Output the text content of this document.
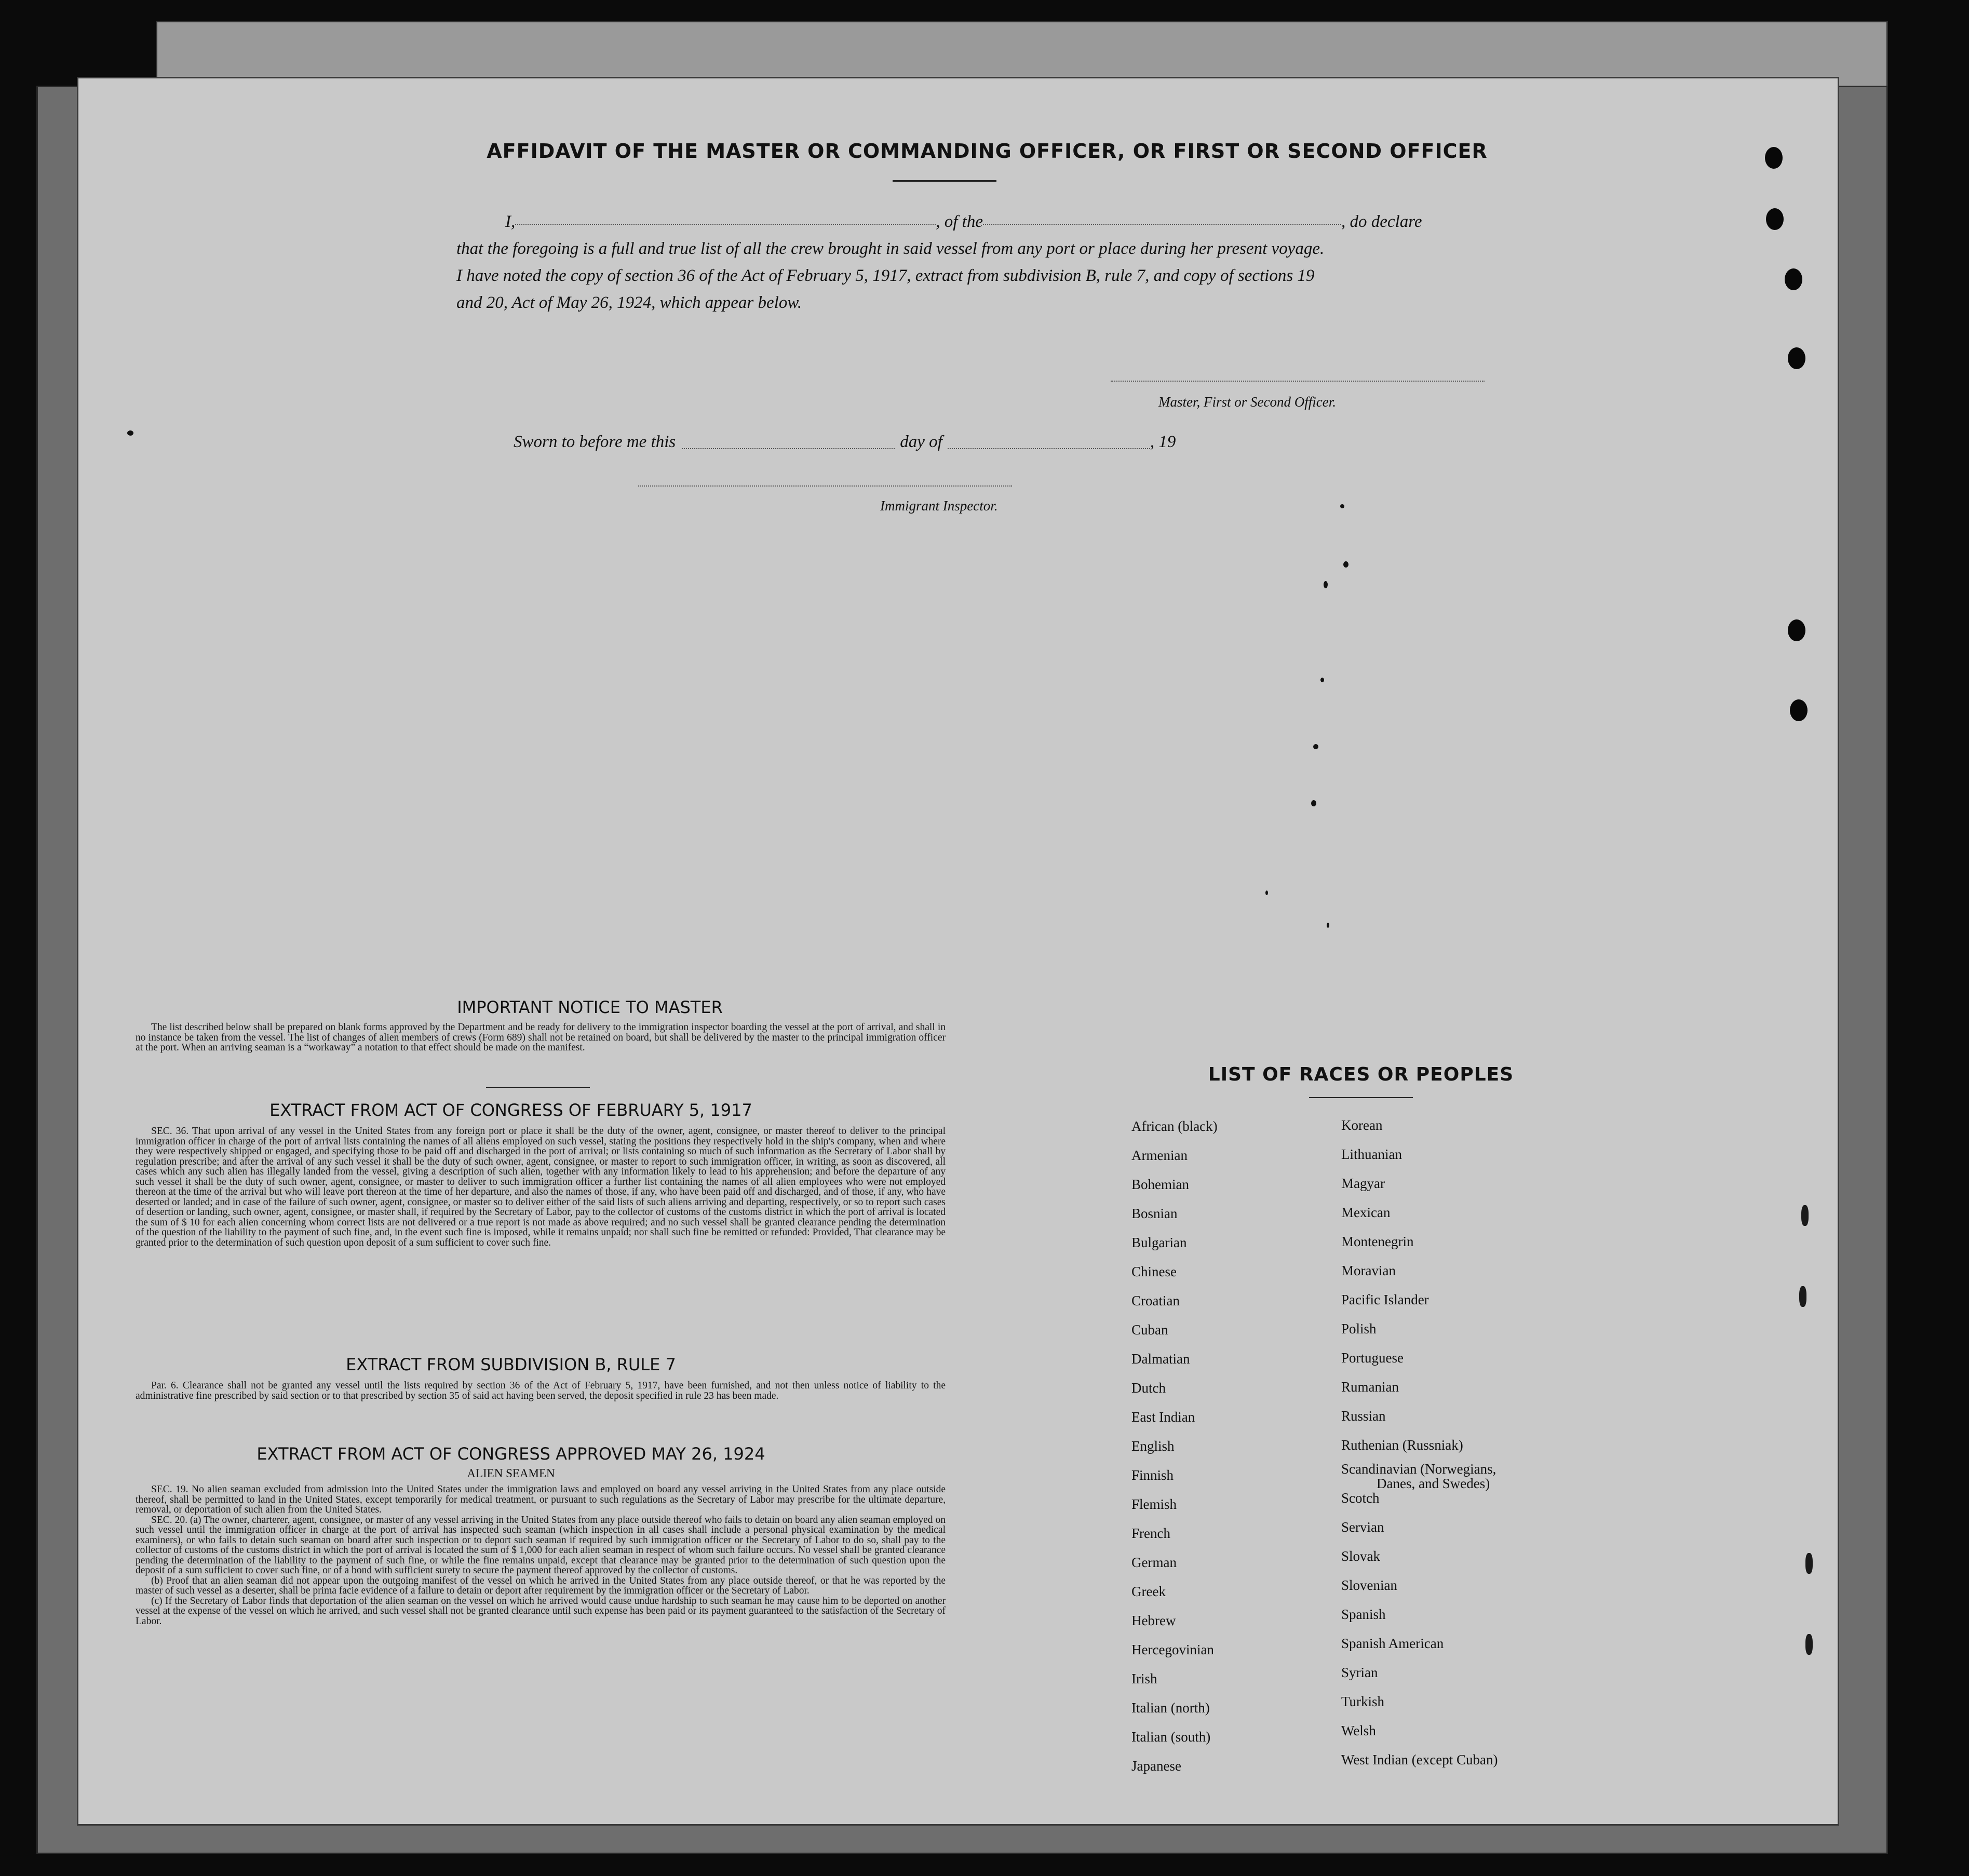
AFFIDAVIT OF THE MASTER OR COMMANDING OFFICER, OR FIRST OR SECOND OFFICER
I,	, of the	, do declare
that the foregoing is a full and true list of all the crew brought in said vessel from any port or place during her present voyage.
I have noted the copy of section 36 of the Act of February 5, 1917, extract from subdivision B, rule 7, and copy of sections 19
and 20, Act of May 26, 1924, which appear below.
Master, First or Second Officer.
Sworn to before me this	day of	, 19
Immigrant Inspector.
IMPORTANT NOTICE TO MASTER

The list described below shall be prepared on blank forms approved by the Department and be ready for delivery to the immigration inspector boarding the vessel at the port of arrival, and shall in no instance be taken from the vessel. The list of changes of alien members of crews (Form 689) shall not be retained on board, but shall be delivered by the master to the principal immigration officer at the port. When an arriving seaman is a “workaway” a notation to that effect should be made on the manifest.

EXTRACT FROM ACT OF CONGRESS OF FEBRUARY 5, 1917

SEC. 36. That upon arrival of any vessel in the United States from any foreign port or place it shall be the duty of the owner, agent, consignee, or master thereof to deliver to the principal immigration officer in charge of the port of arrival lists containing the names of all aliens employed on such vessel, stating the positions they respectively hold in the ship's company, when and where they were respectively shipped or engaged, and specifying those to be paid off and discharged in the port of arrival; or lists containing so much of such information as the Secretary of Labor shall by regulation prescribe; and after the arrival of any such vessel it shall be the duty of such owner, agent, consignee, or master to report to such immigration officer, in writing, as soon as discovered, all cases which any such alien has illegally landed from the vessel, giving a description of such alien, together with any information likely to lead to his apprehension; and before the departure of any such vessel it shall be the duty of such owner, agent, consignee, or master to deliver to such immigration officer a further list containing the names of all alien employees who were not employed thereon at the time of the arrival but who will leave port thereon at the time of her departure, and also the names of those, if any, who have been paid off and discharged, and of those, if any, who have deserted or landed; and in case of the failure of such owner, agent, consignee, or master so to deliver either of the said lists of such aliens arriving and departing, respectively, or so to report such cases of desertion or landing, such owner, agent, consignee, or master shall, if required by the Secretary of Labor, pay to the collector of customs of the customs district in which the port of arrival is located the sum of $ 10 for each alien concerning whom correct lists are not delivered or a true report is not made as above required; and no such vessel shall be granted clearance pending the determination of the question of the liability to the payment of such fine, and, in the event such fine is imposed, while it remains unpaid; nor shall such fine be remitted or refunded: Provided, That clearance may be granted prior to the determination of such question upon deposit of a sum sufficient to cover such fine.

EXTRACT FROM SUBDIVISION B, RULE 7

Par. 6. Clearance shall not be granted any vessel until the lists required by section 36 of the Act of February 5, 1917, have been furnished, and not then unless notice of liability to the administrative fine prescribed by said section or to that prescribed by section 35 of said act having been served, the deposit specified in rule 23 has been made.

EXTRACT FROM ACT OF CONGRESS APPROVED MAY 26, 1924
ALIEN SEAMEN

SEC. 19. No alien seaman excluded from admission into the United States under the immigration laws and employed on board any vessel arriving in the United States from any place outside thereof, shall be permitted to land in the United States, except temporarily for medical treatment, or pursuant to such regulations as the Secretary of Labor may prescribe for the ultimate departure, removal, or deportation of such alien from the United States.

SEC. 20. (a) The owner, charterer, agent, consignee, or master of any vessel arriving in the United States from any place outside thereof who fails to detain on board any alien seaman employed on such vessel until the immigration officer in charge at the port of arrival has inspected such seaman (which inspection in all cases shall include a personal physical examination by the medical examiners), or who fails to detain such seaman on board after such inspection or to deport such seaman if required by such immigration officer or the Secretary of Labor to do so, shall pay to the collector of customs of the customs district in which the port of arrival is located the sum of $ 1,000 for each alien seaman in respect of whom such failure occurs. No vessel shall be granted clearance pending the determination of the liability to the payment of such fine, or while the fine remains unpaid, except that clearance may be granted prior to the determination of such question upon the deposit of a sum sufficient to cover such fine, or of a bond with sufficient surety to secure the payment thereof approved by the collector of customs.

(b) Proof that an alien seaman did not appear upon the outgoing manifest of the vessel on which he arrived in the United States from any place outside thereof, or that he was reported by the master of such vessel as a deserter, shall be prima facie evidence of a failure to detain or deport after requirement by the immigration officer or the Secretary of Labor.

(c) If the Secretary of Labor finds that deportation of the alien seaman on the vessel on which he arrived would cause undue hardship to such seaman he may cause him to be deported on another vessel at the expense of the vessel on which he arrived, and such vessel shall not be granted clearance until such expense has been paid or its payment guaranteed to the satisfaction of the Secretary of Labor.

LIST OF RACES OR PEOPLES
African (black)
Armenian
Bohemian
Bosnian
Bulgarian
Chinese
Croatian
Cuban
Dalmatian
Dutch
East Indian
English
Finnish
Flemish
French
German
Greek
Hebrew
Hercegovinian
Irish
Italian (north)
Italian (south)
Japanese
Korean
Lithuanian
Magyar
Mexican
Montenegrin
Moravian
Pacific Islander
Polish
Portuguese
Rumanian
Russian
Ruthenian (Russniak)
Scandinavian (Norwegians,
Danes, and Swedes)
Scotch
Servian
Slovak
Slovenian
Spanish
Spanish American
Syrian
Turkish
Welsh
West Indian (except Cuban)
